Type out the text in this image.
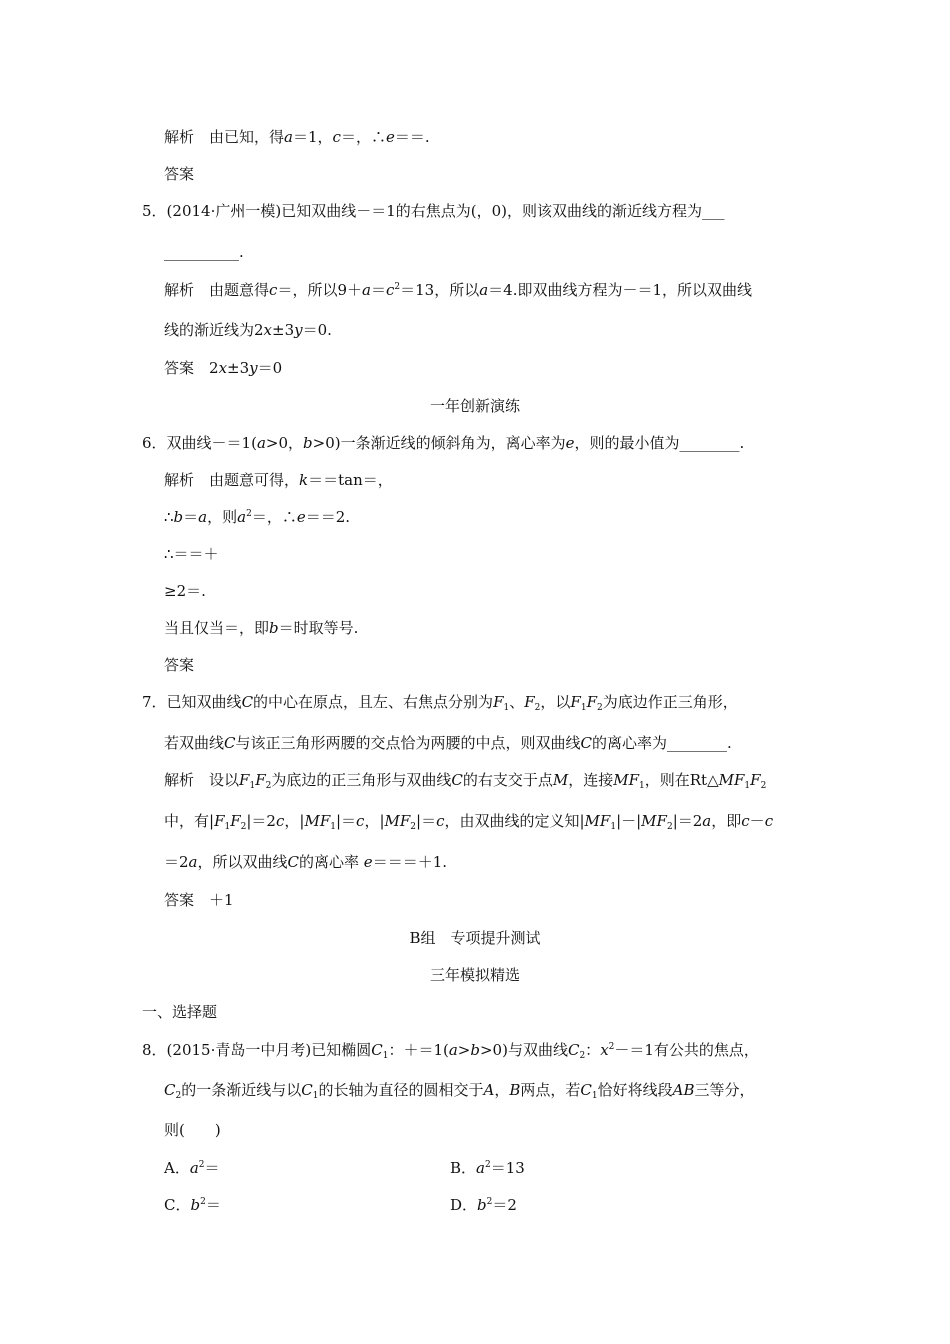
解析　 由已知，得a＝1，c＝，∴e＝＝.
答案
5．(2014·广州一模)已知双曲线－＝1的右焦点为(，0)，则该双曲线的渐近线方程为___
__________.
解析　 由题意得c＝，所以$9+a=c^2=13$，所以a＝4.即双曲线方程为－＝1，所以双曲线
线的渐近线为2x±3y＝0.
答案　 2x±3y＝0
一年创新演练
6．双曲线－＝1(a>0，b>0)一条渐近线的倾斜角为，离心率为e，则的最小值为________.
解析　 由题意可得，k＝＝tan＝，
∴b＝a，则$a^2=$，∴e＝＝2.
∴＝＝＋
≥2＝.
当且仅当＝，即b＝时取等号.
答案
7．已知双曲线C的中心在原点，且左、右焦点分别为$F_1$、$F_2$，以$F_1F_2$为底边作正三角形，
若双曲线C与该正三角形两腰的交点恰为两腰的中点，则双曲线C的离心率为________.
解析　 设以$F_1F_2$为底边的正三角形与双曲线C的右支交于点M，连接$MF_1$，则在$Rt\triangle MF_1F_2$
中，有$|F_1F_2|=2c$，$|MF_1|=c$，$|MF_2|=c$，由双曲线的定义知$|MF_1|-|MF_2|=2a$，即c－c
＝2a，所以双曲线C的离心率 e＝＝＝＋1.
答案　 ＋1
B组　专项提升测试
三年模拟精选
一、选择题
8．(2015·青岛一中月考)已知椭圆$C_1$：＋＝1(a>b>0)与双曲线$C_2$：$x^2-=1$有公共的焦点，
$C_2$的一条渐近线与以$C_1$的长轴为直径的圆相交于A，B两点，若$C_1$恰好将线段AB三等分，
则(　　)
A．$a^2=$	B．$a^2=13$
C．$b^2=$	D．$b^2=2$
